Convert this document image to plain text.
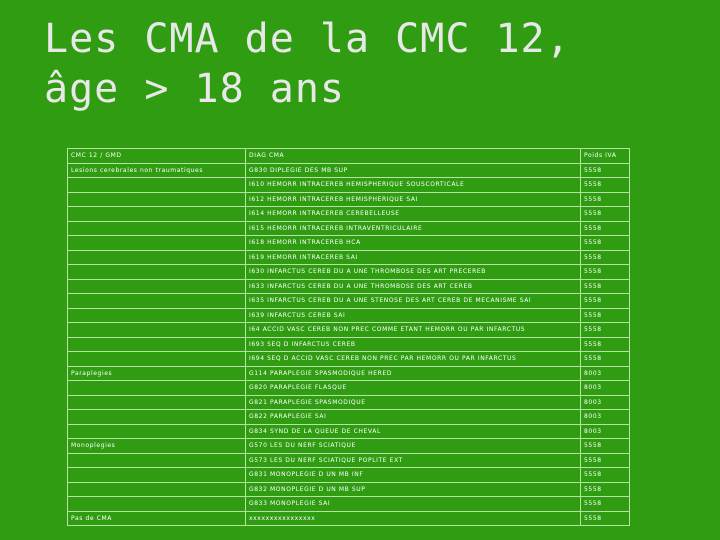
Les CMA de la CMC 12,
âge > 18 ans
CMC 12 / GMD	DIAG CMA	Poids IVA
Lesions cerebrales non traumatiques	G830 DIPLEGIE DES MB SUP	5558
	I610 HEMORR INTRACEREB HEMISPHERIQUE SOUSCORTICALE	5558
	I612 HEMORR INTRACEREB HEMISPHERIQUE SAI	5558
	I614 HEMORR INTRACEREB CEREBELLEUSE	5558
	I615 HEMORR INTRACEREB INTRAVENTRICULAIRE	5558
	I618 HEMORR INTRACEREB HCA	5558
	I619 HEMORR INTRACEREB SAI	5558
	I630 INFARCTUS CEREB DU A UNE THROMBOSE DES ART PRECEREB	5558
	I633 INFARCTUS CEREB DU A UNE THROMBOSE DES ART CEREB	5558
	I635 INFARCTUS CEREB DU A UNE STENOSE DES ART CEREB DE MECANISME SAI	5558
	I639 INFARCTUS CEREB SAI	5558
	I64 ACCID VASC CEREB NON PREC COMME ETANT HEMORR OU PAR INFARCTUS	5558
	I693 SEQ D INFARCTUS CEREB	5558
	I694 SEQ D ACCID VASC CEREB NON PREC PAR HEMORR OU PAR INFARCTUS	5558
Paraplegies	G114 PARAPLEGIE SPASMODIQUE HERED	8003
	G820 PARAPLEGIE FLASQUE	8003
	G821 PARAPLEGIE SPASMODIQUE	8003
	G822 PARAPLEGIE SAI	8003
	G834 SYND DE LA QUEUE DE CHEVAL	8003
Monoplegies	G570 LES DU NERF SCIATIQUE	5558
	G573 LES DU NERF SCIATIQUE POPLITE EXT	5558
	G831 MONOPLEGIE D UN MB INF	5558
	G832 MONOPLEGIE D UN MB SUP	5558
	G833 MONOPLEGIE SAI	5558
Pas de CMA	xxxxxxxxxxxxxxxx	5558
